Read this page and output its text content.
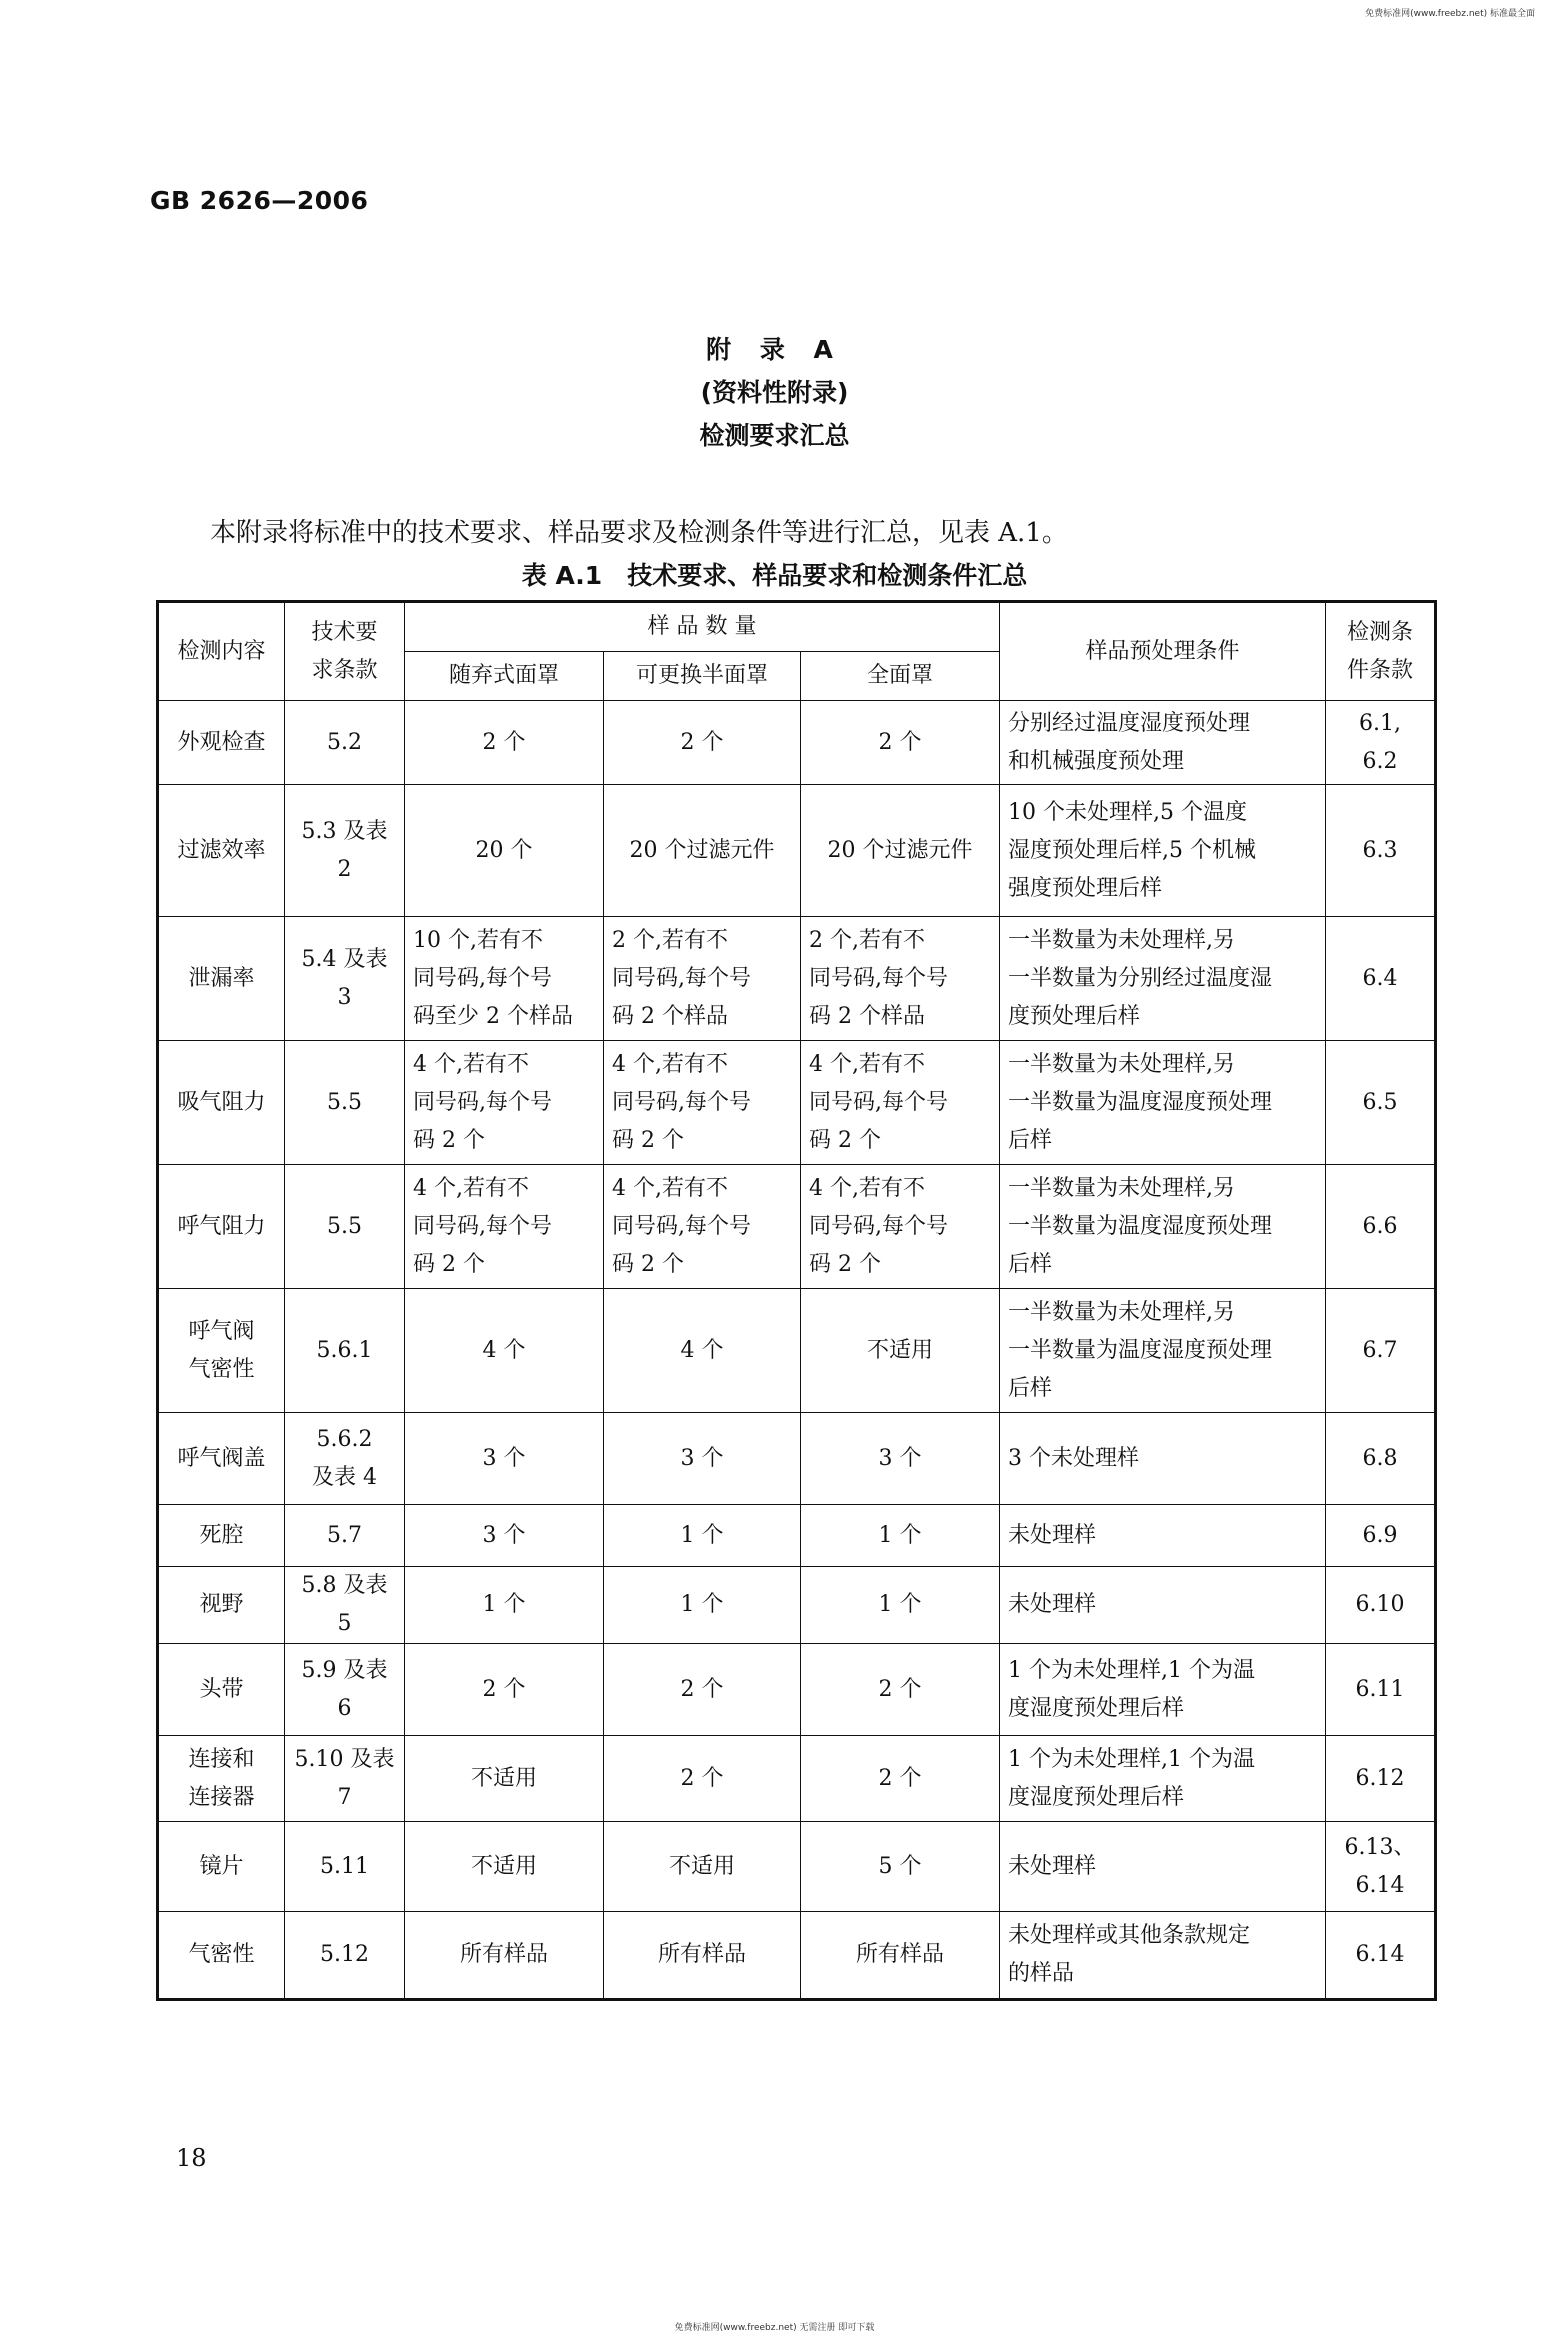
免费标准网(www.freebz.net) 标准最全面
GB 2626—2006
附 录 A
(资料性附录)
检测要求汇总
本附录将标准中的技术要求、样品要求及检测条件等进行汇总，见表 A.1。
表 A.1　技术要求、样品要求和检测条件汇总
检测内容	技术要
求条款	样 品 数 量			样品预处理条件	检测条
件条款
		随弃式面罩	可更换半面罩	全面罩		
外观检查	5.2	2 个	2 个	2 个	分别经过温度湿度预处理
和机械强度预处理	6.1,
6.2
过滤效率	5.3 及表 2	20 个	20 个过滤元件	20 个过滤元件	10 个未处理样,5 个温度
湿度预处理后样,5 个机械
强度预处理后样	6.3
泄漏率	5.4 及表 3	10 个,若有不
同号码,每个号
码至少 2 个样品	2 个,若有不
同号码,每个号
码 2 个样品	2 个,若有不
同号码,每个号
码 2 个样品	一半数量为未处理样,另
一半数量为分别经过温度湿
度预处理后样	6.4
吸气阻力	5.5	4 个,若有不
同号码,每个号
码 2 个	4 个,若有不
同号码,每个号
码 2 个	4 个,若有不
同号码,每个号
码 2 个	一半数量为未处理样,另
一半数量为温度湿度预处理
后样	6.5
呼气阻力	5.5	4 个,若有不
同号码,每个号
码 2 个	4 个,若有不
同号码,每个号
码 2 个	4 个,若有不
同号码,每个号
码 2 个	一半数量为未处理样,另
一半数量为温度湿度预处理
后样	6.6
呼气阀
气密性	5.6.1	4 个	4 个	不适用	一半数量为未处理样,另
一半数量为温度湿度预处理
后样	6.7
呼气阀盖	5.6.2
及表 4	3 个	3 个	3 个	3 个未处理样	6.8
死腔	5.7	3 个	1 个	1 个	未处理样	6.9
视野	5.8 及表 5	1 个	1 个	1 个	未处理样	6.10
头带	5.9 及表 6	2 个	2 个	2 个	1 个为未处理样,1 个为温
度湿度预处理后样	6.11
连接和
连接器	5.10 及表 7	不适用	2 个	2 个	1 个为未处理样,1 个为温
度湿度预处理后样	6.12
镜片	5.11	不适用	不适用	5 个	未处理样	6.13、
6.14
气密性	5.12	所有样品	所有样品	所有样品	未处理样或其他条款规定
的样品	6.14
18
免费标准网(www.freebz.net) 无需注册 即可下载
